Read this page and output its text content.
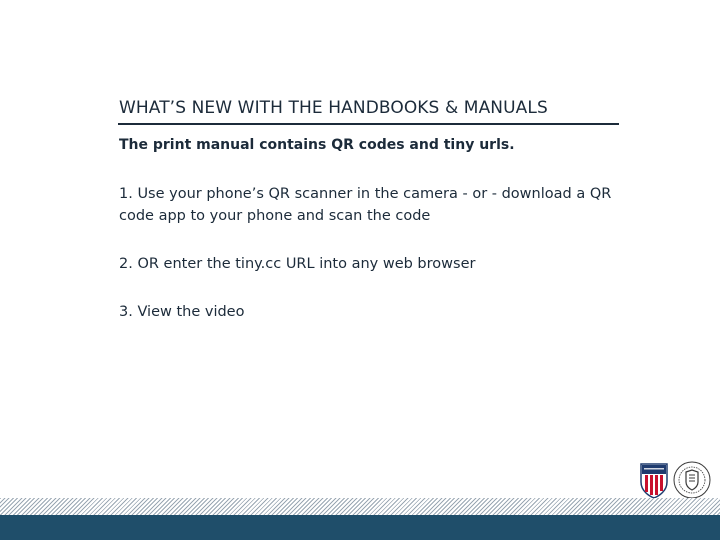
WHAT’S NEW WITH THE HANDBOOKS & MANUALS
The print manual contains QR codes and tiny urls.
1. Use your phone’s QR scanner in the camera - or - download a QR code app to your phone and scan the code
2. OR enter the tiny.cc URL into any web browser
3. View the video
